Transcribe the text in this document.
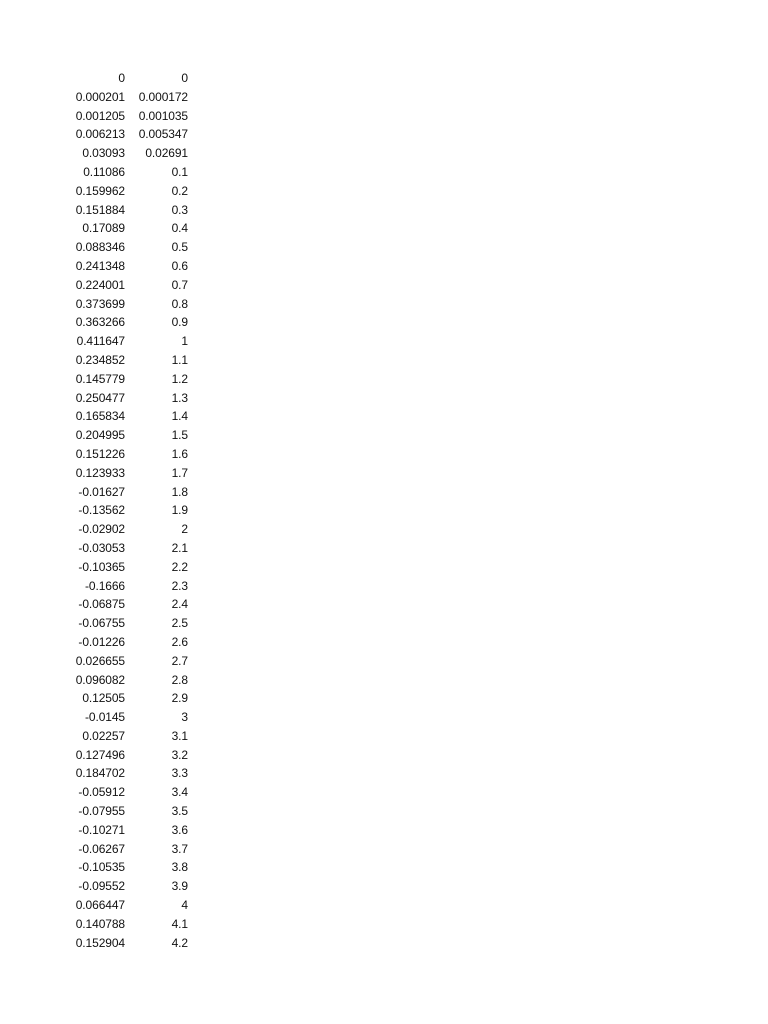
0	0
0.000201	0.000172
0.001205	0.001035
0.006213	0.005347
0.03093	0.02691
0.11086	0.1
0.159962	0.2
0.151884	0.3
0.17089	0.4
0.088346	0.5
0.241348	0.6
0.224001	0.7
0.373699	0.8
0.363266	0.9
0.411647	1
0.234852	1.1
0.145779	1.2
0.250477	1.3
0.165834	1.4
0.204995	1.5
0.151226	1.6
0.123933	1.7
-0.01627	1.8
-0.13562	1.9
-0.02902	2
-0.03053	2.1
-0.10365	2.2
-0.1666	2.3
-0.06875	2.4
-0.06755	2.5
-0.01226	2.6
0.026655	2.7
0.096082	2.8
0.12505	2.9
-0.0145	3
0.02257	3.1
0.127496	3.2
0.184702	3.3
-0.05912	3.4
-0.07955	3.5
-0.10271	3.6
-0.06267	3.7
-0.10535	3.8
-0.09552	3.9
0.066447	4
0.140788	4.1
0.152904	4.2
